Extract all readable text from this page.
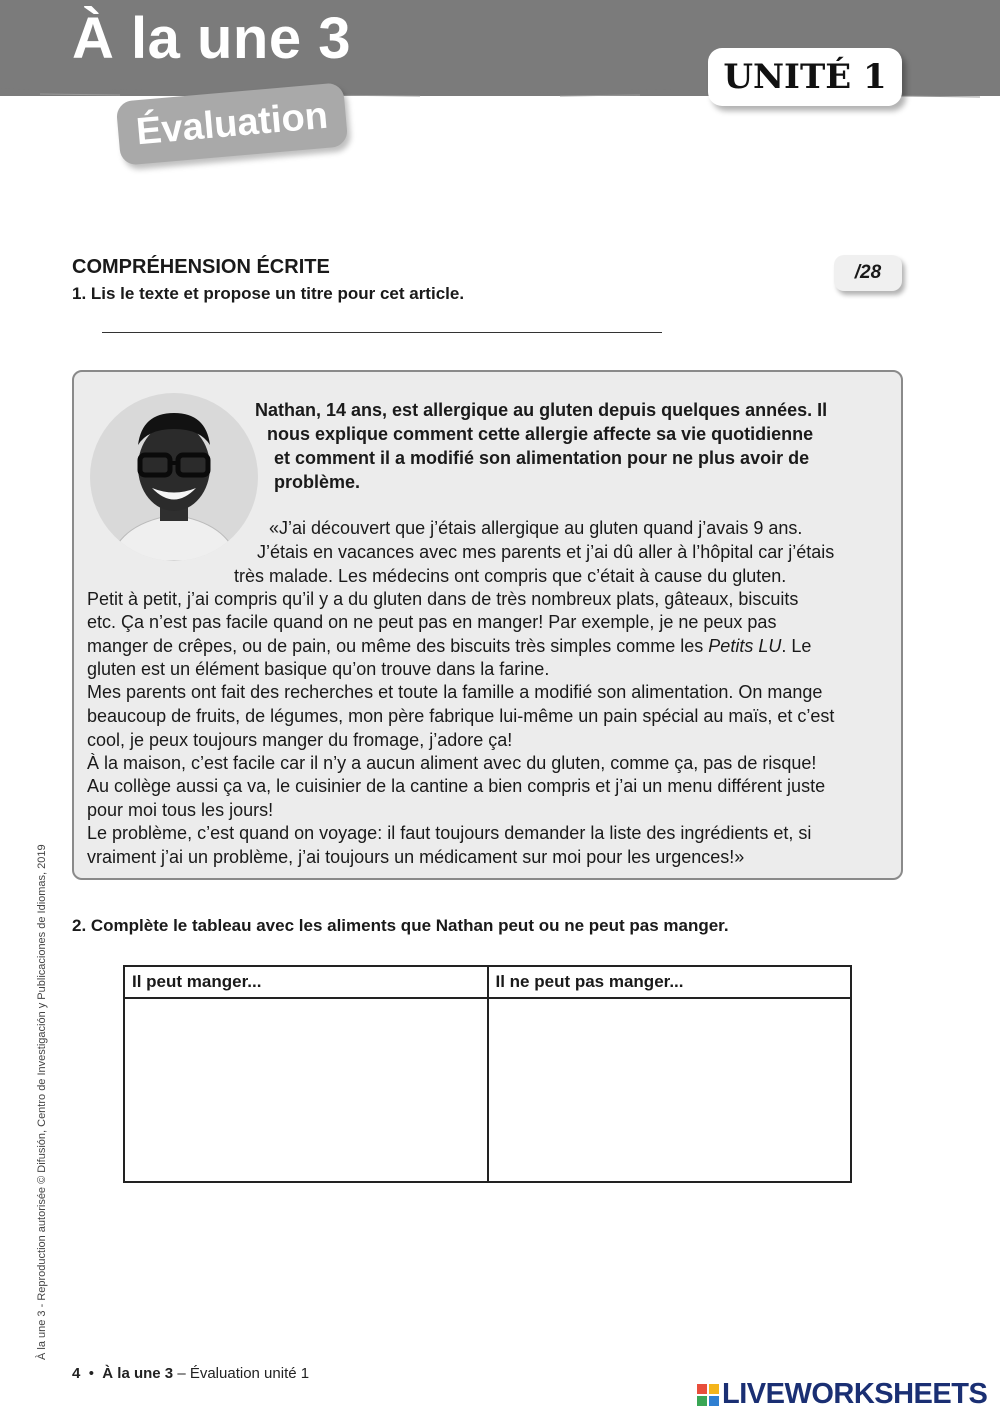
À la une 3
Évaluation
UNITÉ 1
COMPRÉHENSION ÉCRITE
1. Lis le texte et propose un titre pour cet article.
/28
Nathan, 14 ans, est allergique au gluten depuis quelques années. Il
nous explique comment cette allergie affecte sa vie quotidienne
et comment il a modifié son alimentation pour ne plus avoir de
problème.
«J’ai découvert que j’étais allergique au gluten quand j’avais 9 ans.
J’étais en vacances avec mes parents et j’ai dû aller à l’hôpital car j’étais
très malade. Les médecins ont compris que c’était à cause du gluten.
Petit à petit, j’ai compris qu’il y a du gluten dans de très nombreux plats, gâteaux, biscuits
etc. Ça n’est pas facile quand on ne peut pas en manger! Par exemple, je ne peux pas
manger de crêpes, ou de pain, ou même des biscuits très simples comme les Petits LU. Le
gluten est un élément basique qu’on trouve dans la farine.
Mes parents ont fait des recherches et toute la famille a modifié son alimentation. On mange
beaucoup de fruits, de légumes, mon père fabrique lui-même un pain spécial au maïs, et c’est
cool, je peux toujours manger du fromage, j’adore ça!
À la maison, c’est facile car il n’y a aucun aliment avec du gluten, comme ça, pas de risque!
Au collège aussi ça va, le cuisinier de la cantine a bien compris et j’ai un menu différent juste
pour moi tous les jours!
Le problème, c’est quand on voyage: il faut toujours demander la liste des ingrédients et, si
vraiment j’ai un problème, j’ai toujours un médicament sur moi pour les urgences!»
2. Complète le tableau avec les aliments que Nathan peut ou ne peut pas manger.
Il peut manger...	Il ne peut pas manger...

À la une 3 - Reproduction autorisée © Difusión, Centro de Investigación y Publicaciones de Idiomas, 2019
4 • À la une 3 – Évaluation unité 1
LIVEWORKSHEETS
